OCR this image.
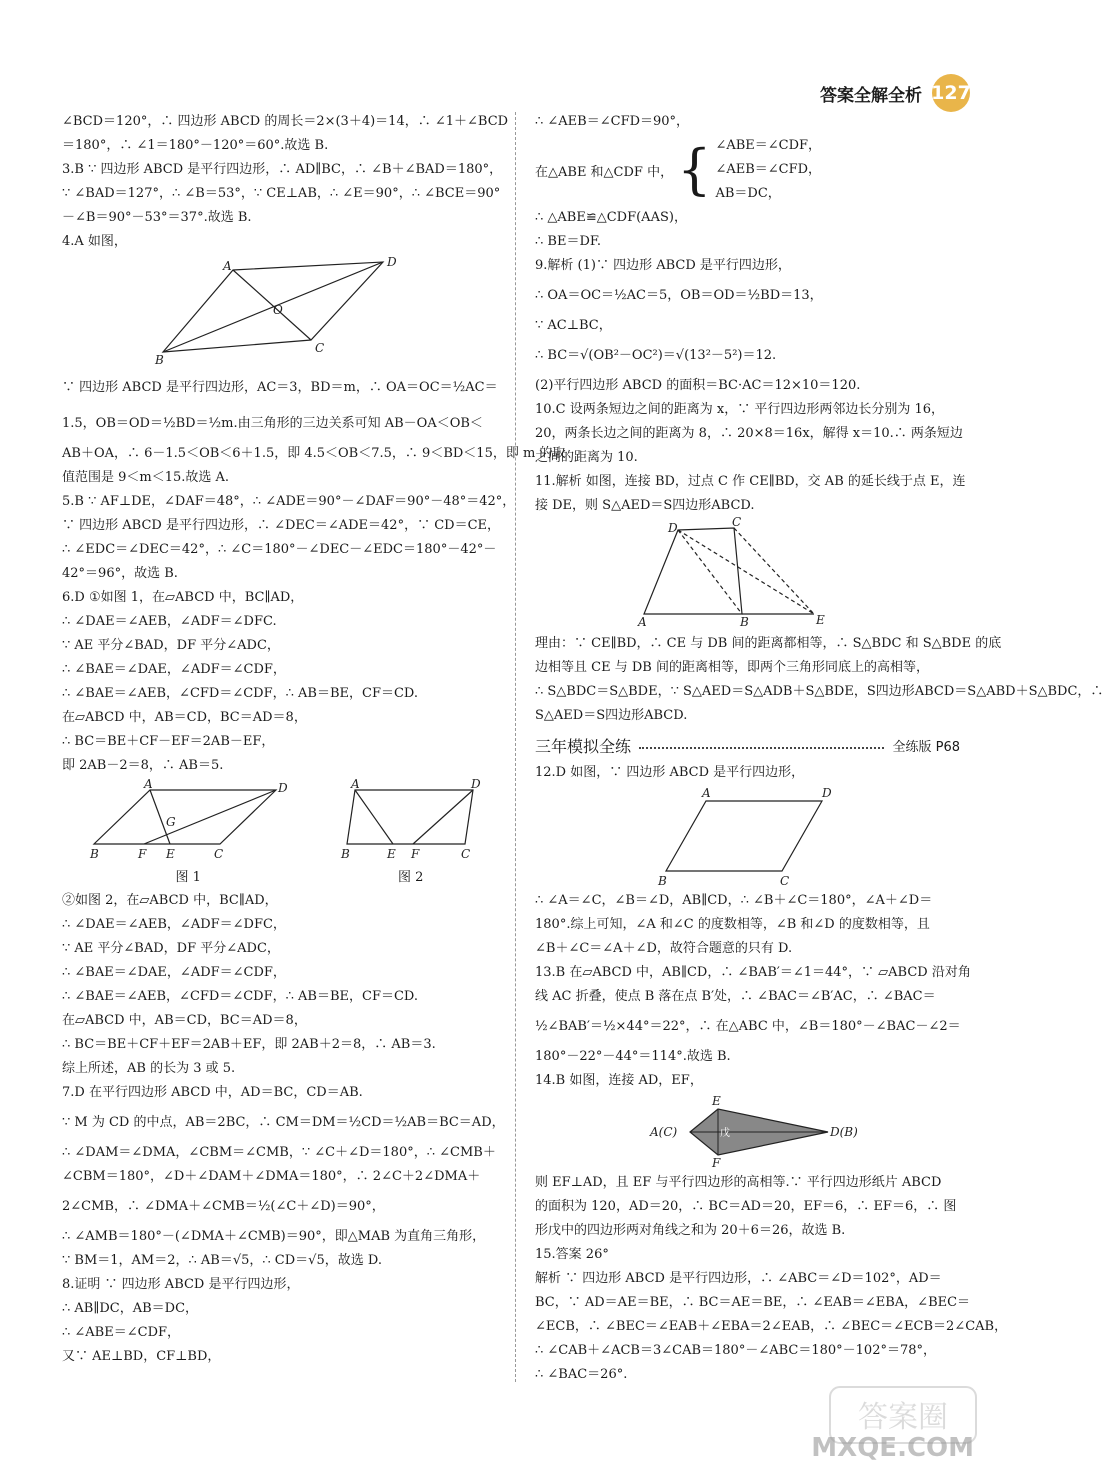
答案全解全析 127
∠BCD＝120°，∴ 四边形 ABCD 的周长＝2×(3＋4)＝14，∴ ∠1＋∠BCD
＝180°，∴ ∠1＝180°－120°＝60°.故选 B.
3.B ∵ 四边形 ABCD 是平行四边形，∴ AD∥BC，∴ ∠B＋∠BAD＝180°，
∵ ∠BAD＝127°，∴ ∠B＝53°，∵ CE⊥AB，∴ ∠E＝90°，∴ ∠BCE＝90°
－∠B＝90°－53°＝37°.故选 B.
4.A 如图，
A	D
O
B
C
∵ 四边形 ABCD 是平行四边形，AC＝3，BD＝m，∴ OA＝OC＝½AC＝
1.5，OB＝OD＝½BD＝½m.由三角形的三边关系可知 AB－OA＜OB＜
AB＋OA，∴ 6－1.5＜OB＜6＋1.5，即 4.5＜OB＜7.5，∴ 9＜BD＜15，即 m 的取
值范围是 9＜m＜15.故选 A.
5.B ∵ AF⊥DE，∠DAF＝48°，∴ ∠ADE＝90°－∠DAF＝90°－48°＝42°，
∵ 四边形 ABCD 是平行四边形，∴ ∠DEC＝∠ADE＝42°，∵ CD＝CE，
∴ ∠EDC＝∠DEC＝42°，∴ ∠C＝180°－∠DEC－∠EDC＝180°－42°－
42°＝96°，故选 B.
6.D ①如图 1，在▱ABCD 中，BC∥AD，
∴ ∠DAE＝∠AEB，∠ADF＝∠DFC.
∵ AE 平分∠BAD，DF 平分∠ADC，
∴ ∠BAE＝∠DAE，∠ADF＝∠CDF，
∴ ∠BAE＝∠AEB，∠CFD＝∠CDF，∴ AB＝BE，CF＝CD.
在▱ABCD 中，AB＝CD，BC＝AD＝8，
∴ BC＝BE＋CF－EF＝2AB－EF，
即 2AB－2＝8，∴ AB＝5.
A	D
G
B	F E	C
图 1
A	D
B	E F	C
图 2
②如图 2，在▱ABCD 中，BC∥AD，
∴ ∠DAE＝∠AEB，∠ADF＝∠DFC，
∵ AE 平分∠BAD，DF 平分∠ADC，
∴ ∠BAE＝∠DAE，∠ADF＝∠CDF，
∴ ∠BAE＝∠AEB，∠CFD＝∠CDF，∴ AB＝BE，CF＝CD.
在▱ABCD 中，AB＝CD，BC＝AD＝8，
∴ BC＝BE＋CF＋EF＝2AB＋EF，即 2AB＋2＝8，∴ AB＝3.
综上所述，AB 的长为 3 或 5.
7.D 在平行四边形 ABCD 中，AD＝BC，CD＝AB.
∵ M 为 CD 的中点，AB＝2BC，∴ CM＝DM＝½CD＝½AB＝BC＝AD，
∴ ∠DAM＝∠DMA，∠CBM＝∠CMB，∵ ∠C＋∠D＝180°，∴ ∠CMB＋
∠CBM＝180°，∠D＋∠DAM＋∠DMA＝180°，∴ 2∠C＋2∠DMA＋
2∠CMB，∴ ∠DMA＋∠CMB＝½(∠C＋∠D)＝90°，
∴ ∠AMB＝180°－(∠DMA＋∠CMB)＝90°，即△MAB 为直角三角形，
∵ BM＝1，AM＝2，∴ AB＝√5，∴ CD＝√5，故选 D.
8.证明 ∵ 四边形 ABCD 是平行四边形，
∴ AB∥DC，AB＝DC，
∴ ∠ABE＝∠CDF，
又∵ AE⊥BD，CF⊥BD，
∴ ∠AEB＝∠CFD＝90°，
在△ABE 和△CDF 中， { ∠ABE＝∠CDF，
∠AEB＝∠CFD，
AB＝DC，
∴ △ABE≌△CDF(AAS)，
∴ BE＝DF.
9.解析 (1)∵ 四边形 ABCD 是平行四边形，
∴ OA＝OC＝½AC＝5，OB＝OD＝½BD＝13，
∵ AC⊥BC，
∴ BC＝√(OB²－OC²)＝√(13²－5²)＝12.
(2)平行四边形 ABCD 的面积＝BC·AC＝12×10＝120.
10.C 设两条短边之间的距离为 x，∵ 平行四边形两邻边长分别为 16，
20，两条长边之间的距离为 8，∴ 20×8＝16x，解得 x＝10.∴ 两条短边
之间的距离为 10.
11.解析 如图，连接 BD，过点 C 作 CE∥BD，交 AB 的延长线于点 E，连
接 DE，则 S△AED＝S四边形ABCD.
D	C
A	B	E
理由：∵ CE∥BD，∴ CE 与 DB 间的距离都相等，∴ S△BDC 和 S△BDE 的底
边相等且 CE 与 DB 间的距离相等，即两个三角形同底上的高相等，
∴ S△BDC＝S△BDE，∵ S△AED＝S△ADB＋S△BDE，S四边形ABCD＝S△ABD＋S△BDC，∴
S△AED＝S四边形ABCD.
三年模拟全练	全练版 P68
12.D 如图，∵ 四边形 ABCD 是平行四边形，
A	D
B	C
∴ ∠A＝∠C，∠B＝∠D，AB∥CD，∴ ∠B＋∠C＝180°，∠A＋∠D＝
180°.综上可知，∠A 和∠C 的度数相等，∠B 和∠D 的度数相等，且
∠B＋∠C＝∠A＋∠D，故符合题意的只有 D.
13.B 在▱ABCD 中，AB∥CD，∴ ∠BAB′＝∠1＝44°，∵ ▱ABCD 沿对角
线 AC 折叠，使点 B 落在点 B′处，∴ ∠BAC＝∠B′AC，∴ ∠BAC＝
½∠BAB′＝½×44°＝22°，∴ 在△ABC 中，∠B＝180°－∠BAC－∠2＝
180°－22°－44°＝114°.故选 B.
14.B 如图，连接 AD，EF，
E
A(C)	D(B)
F
戊
则 EF⊥AD，且 EF 与平行四边形的高相等.∵ 平行四边形纸片 ABCD
的面积为 120，AD＝20，∴ BC＝AD＝20，EF＝6，∴ EF＝6，∴ 图
形戊中的四边形两对角线之和为 20＋6＝26，故选 B.
15.答案 26°
解析 ∵ 四边形 ABCD 是平行四边形，∴ ∠ABC＝∠D＝102°，AD＝
BC，∵ AD＝AE＝BE，∴ BC＝AE＝BE，∴ ∠EAB＝∠EBA，∠BEC＝
∠ECB，∴ ∠BEC＝∠EAB＋∠EBA＝2∠EAB，∴ ∠BEC＝∠ECB＝2∠CAB，
∴ ∠CAB＋∠ACB＝3∠CAB＝180°－∠ABC＝180°－102°＝78°，
∴ ∠BAC＝26°.
答案圈
MXQE.COM
